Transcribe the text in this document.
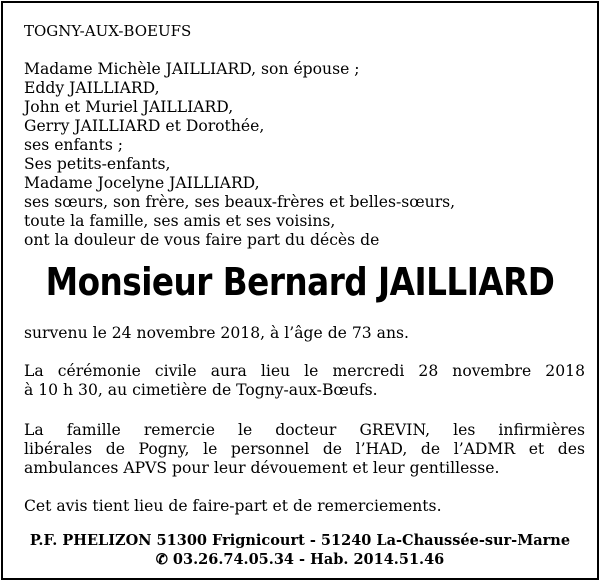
TOGNY-AUX-BOEUFS

Madame Michèle JAILLIARD, son épouse ;
Eddy JAILLIARD,
John et Muriel JAILLIARD,
Gerry JAILLIARD et Dorothée,
ses enfants ;
Ses petits-enfants,
Madame Jocelyne JAILLIARD,
ses sœurs, son frère, ses beaux-frères et belles-sœurs,
toute la famille, ses amis et ses voisins,
ont la douleur de vous faire part du décès de
Monsieur Bernard JAILLIARD

survenu le 24 novembre 2018, à l’âge de 73 ans.

La cérémonie civile aura lieu le mercredi 28 novembre 2018
à 10 h 30, au cimetière de Togny-aux-Bœufs.
La famille remercie le docteur GREVIN, les infirmières
libérales de Pogny, le personnel de l’HAD, de l’ADMR et des
ambulances APVS pour leur dévouement et leur gentillesse.

Cet avis tient lieu de faire-part et de remerciements.

P.F. PHELIZON 51300 Frignicourt - 51240 La-Chaussée-sur-Marne
✆ 03.26.74.05.34 - Hab. 2014.51.46
